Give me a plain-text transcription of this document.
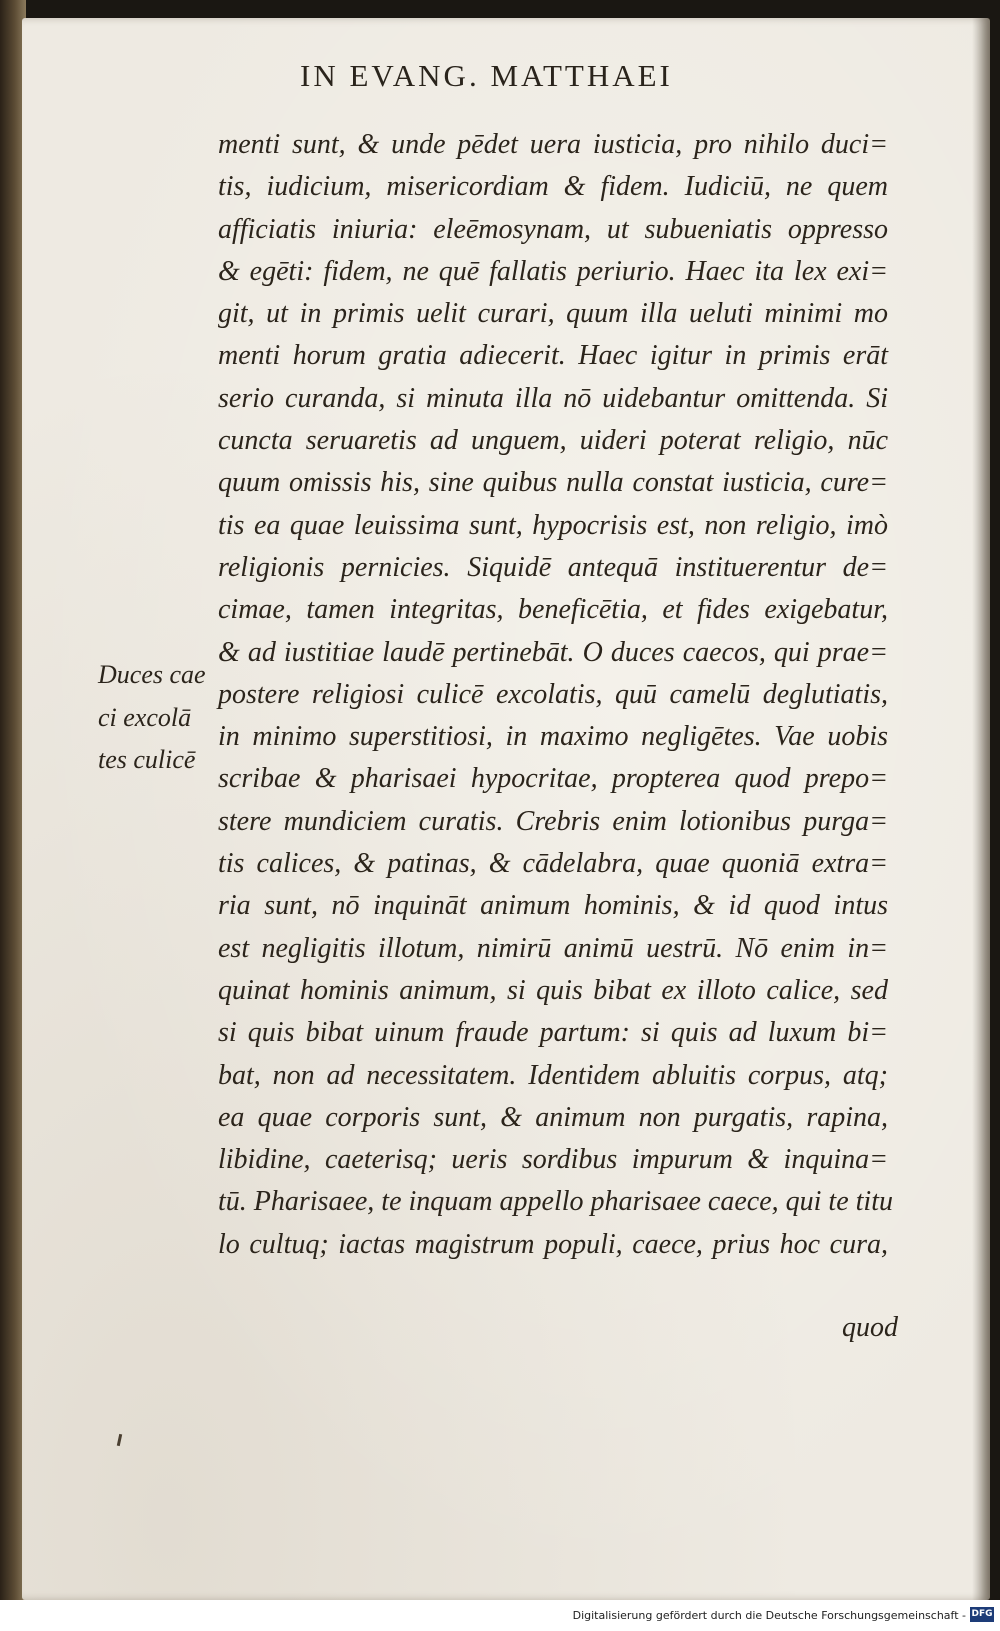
IN EVANG. MATTHAEI
Duces cae
ci excolā
tes culicē
menti sunt, & unde pēdet uera iusticia, pro nihilo duci=
tis, iudicium, misericordiam & fidem. Iudiciū, ne quem
afficiatis iniuria: eleēmosynam, ut subueniatis oppresso
& egēti: fidem, ne quē fallatis periurio. Haec ita lex exi=
git, ut in primis uelit curari, quum illa ueluti minimi mo
menti horum gratia adiecerit. Haec igitur in primis erāt
serio curanda, si minuta illa nō uidebantur omittenda. Si
cuncta seruaretis ad unguem, uideri poterat religio, nūc
quum omissis his, sine quibus nulla constat iusticia, cure=
tis ea quae leuissima sunt, hypocrisis est, non religio, imò
religionis pernicies. Siquidē antequā instituerentur de=
cimae, tamen integritas, beneficētia, et fides exigebatur,
& ad iustitiae laudē pertinebāt. O duces caecos, qui prae=
postere religiosi culicē excolatis, quū camelū deglutiatis,
in minimo superstitiosi, in maximo negligētes. Vae uobis
scribae & pharisaei hypocritae, propterea quod prepo=
stere mundiciem curatis. Crebris enim lotionibus purga=
tis calices, & patinas, & cādelabra, quae quoniā extra=
ria sunt, nō inquināt animum hominis, & id quod intus
est negligitis illotum, nimirū animū uestrū. Nō enim in=
quinat hominis animum, si quis bibat ex illoto calice, sed
si quis bibat uinum fraude partum: si quis ad luxum bi=
bat, non ad necessitatem. Identidem abluitis corpus, atq;
ea quae corporis sunt, & animum non purgatis, rapina,
libidine, caeterisq; ueris sordibus impurum & inquina=
tū. Pharisaee, te inquam appello pharisaee caece, qui te titu
lo cultuq; iactas magistrum populi, caece, prius hoc cura,
quod
Digitalisierung gefördert durch die Deutsche Forschungsgemeinschaft - DFG
